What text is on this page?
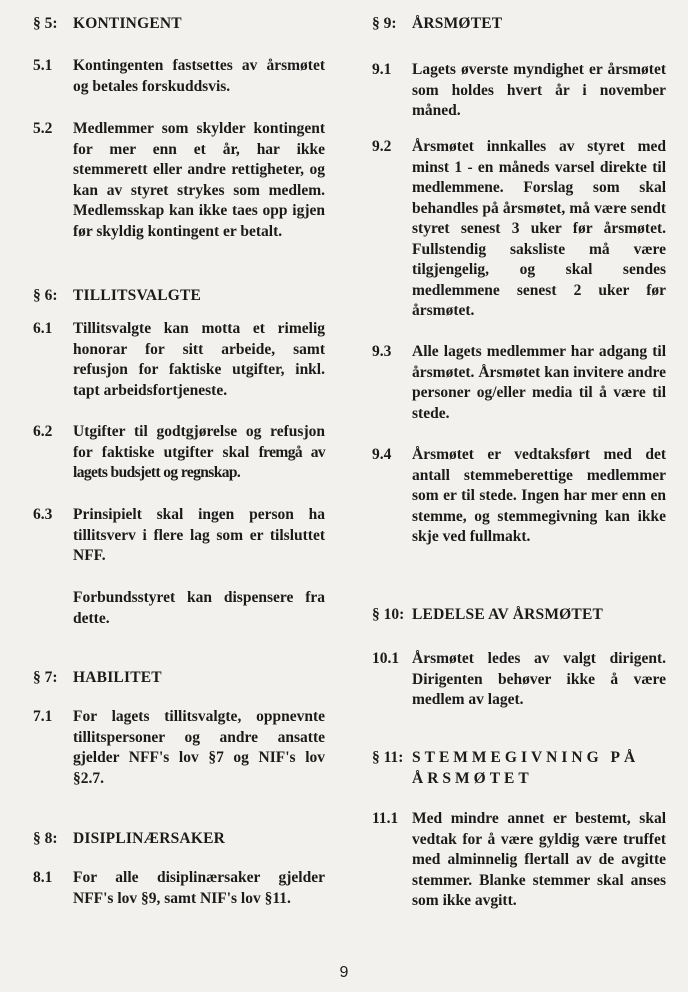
§ 5: KONTINGENT
5.1	Kontingenten fastsettes av årsmøtet og betales forskuddsvis.
5.2	Medlemmer som skylder kontingent for mer enn et år, har ikke stemmerett eller andre rettigheter, og kan av styret strykes som medlem. Medlemsskap kan ikke taes opp igjen før skyldig kontingent er betalt.
§ 6: TILLITSVALGTE
6.1	Tillitsvalgte kan motta et rimelig honorar for sitt arbeide, samt refusjon for faktiske utgifter, inkl. tapt arbeidsfortjeneste.
6.2	Utgifter til godtgjørelse og refusjon for faktiske utgifter skal fremgå av lagets budsjett og regnskap.
6.3	Prinsipielt skal ingen person ha tillitsverv i flere lag som er tilsluttet NFF.
Forbundsstyret kan dispensere fra dette.
§ 7: HABILITET
7.1	For lagets tillitsvalgte, oppnevnte tillitspersoner og andre ansatte gjelder NFF's lov §7 og NIF's lov §2.7.
§ 8: DISIPLINÆRSAKER
8.1	For alle disiplinærsaker gjelder NFF's lov §9, samt NIF's lov §11.
§ 9: ÅRSMØTET
9.1	Lagets øverste myndighet er årsmøtet som holdes hvert år i november måned.
9.2	Årsmøtet innkalles av styret med minst 1 - en måneds varsel direkte til medlemmene. Forslag som skal behandles på årsmøtet, må være sendt styret senest 3 uker før årsmøtet. Fullstendig saksliste må være tilgjengelig, og skal sendes medlemmene senest 2 uker før årsmøtet.
9.3	Alle lagets medlemmer har adgang til årsmøtet. Årsmøtet kan invitere andre personer og/eller media til å være til stede.
9.4	Årsmøtet er vedtaksført med det antall stemmeberettige medlemmer som er til stede. Ingen har mer enn en stemme, og stemmegivning kan ikke skje ved fullmakt.
§ 10: LEDELSE AV ÅRSMØTET
10.1 Årsmøtet ledes av valgt dirigent. Dirigenten behøver ikke å være medlem av laget.
§ 11: STEMMEGIVNING PÅ ÅRSMØTET
11.1 Med mindre annet er bestemt, skal vedtak for å være gyldig være truffet med alminnelig flertall av de avgitte stemmer. Blanke stemmer skal anses som ikke avgitt.
9
